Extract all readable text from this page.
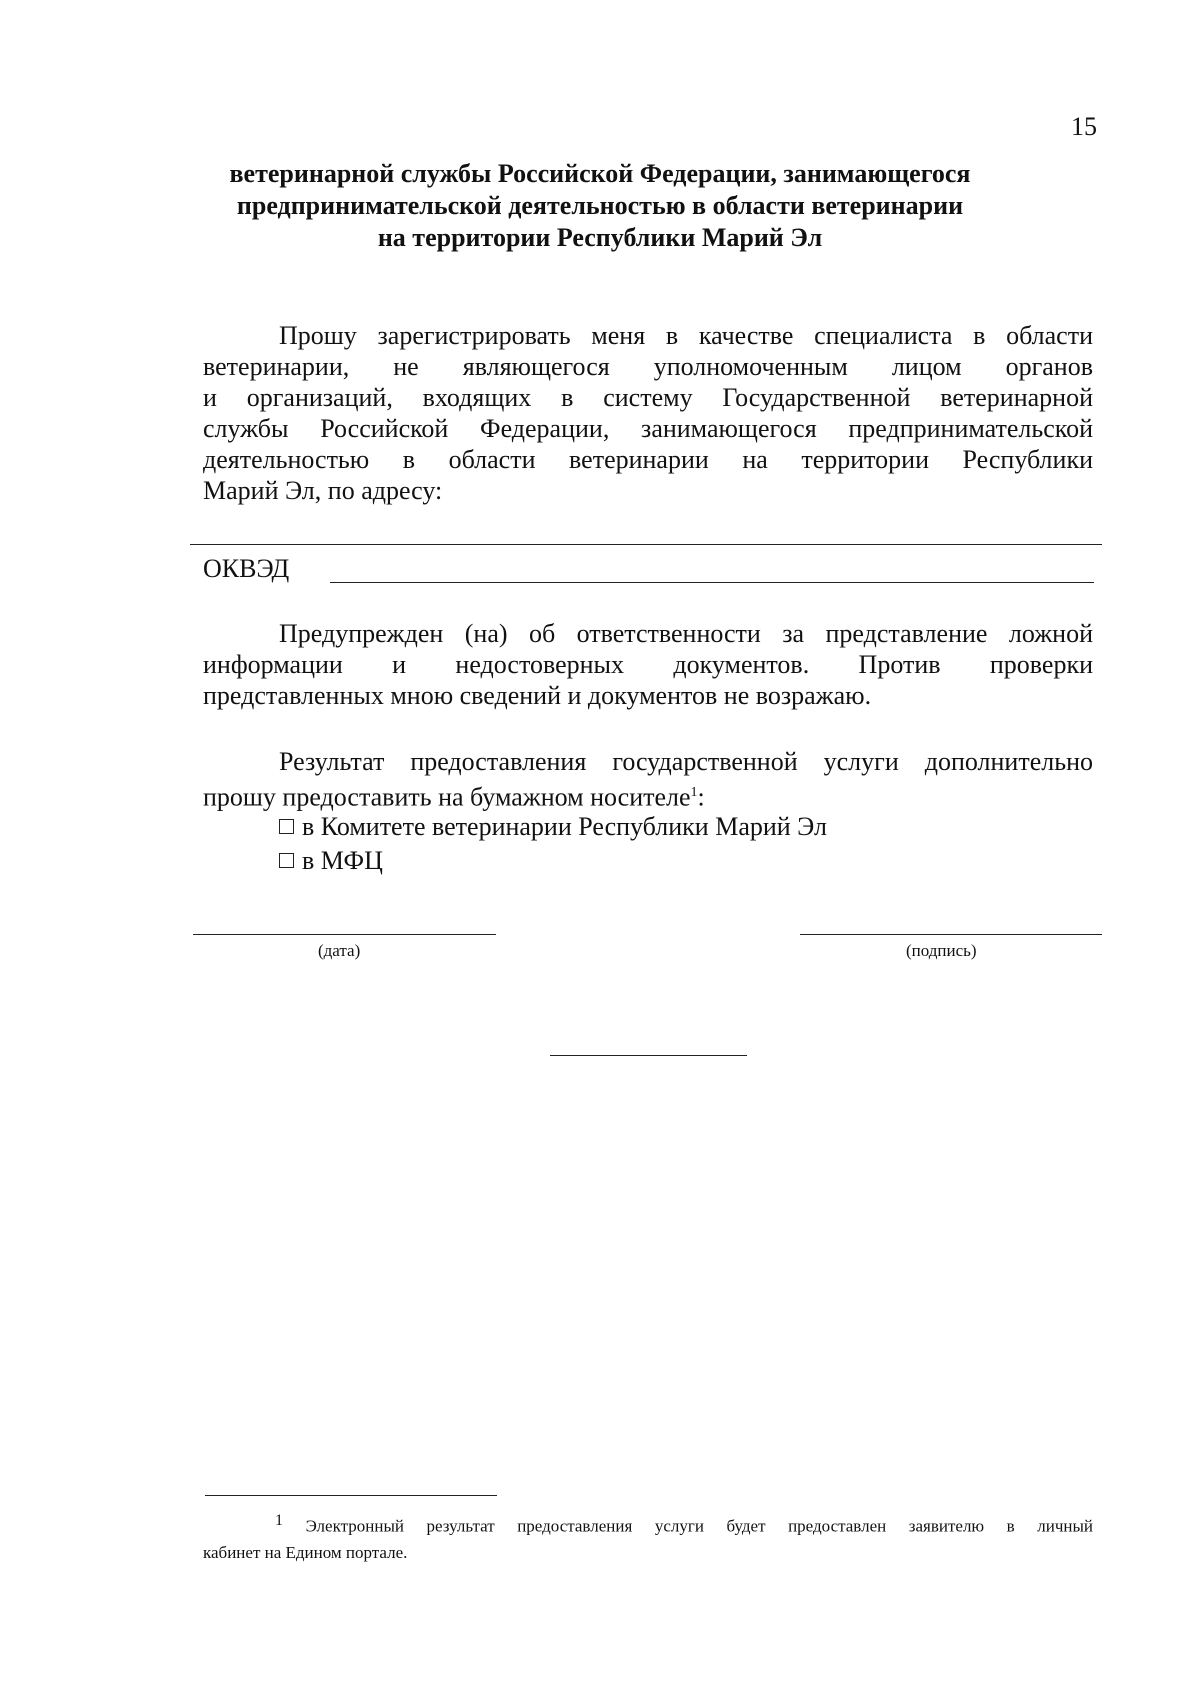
15
ветеринарной службы Российской Федерации, занимающегося
предпринимательской деятельностью в области ветеринарии
на территории Республики Марий Эл
Прошу зарегистрировать меня в качестве специалиста в области
ветеринарии, не являющегося уполномоченным лицом органов
и организаций, входящих в систему Государственной ветеринарной
службы Российской Федерации, занимающегося предпринимательской
деятельностью в области ветеринарии на территории Республики
Марий Эл, по адресу:
ОКВЭД
Предупрежден (на) об ответственности за представление ложной
информации и недостоверных документов. Против проверки
представленных мною сведений и документов не возражаю.
Результат предоставления государственной услуги дополнительно
прошу предоставить на бумажном носителе$^1$:
в Комитете ветеринарии Республики Марий Эл
в МФЦ
(дата)	(подпись)
$^1$ Электронный результат предоставления услуги будет предоставлен заявителю в личный
кабинет на Едином портале.
